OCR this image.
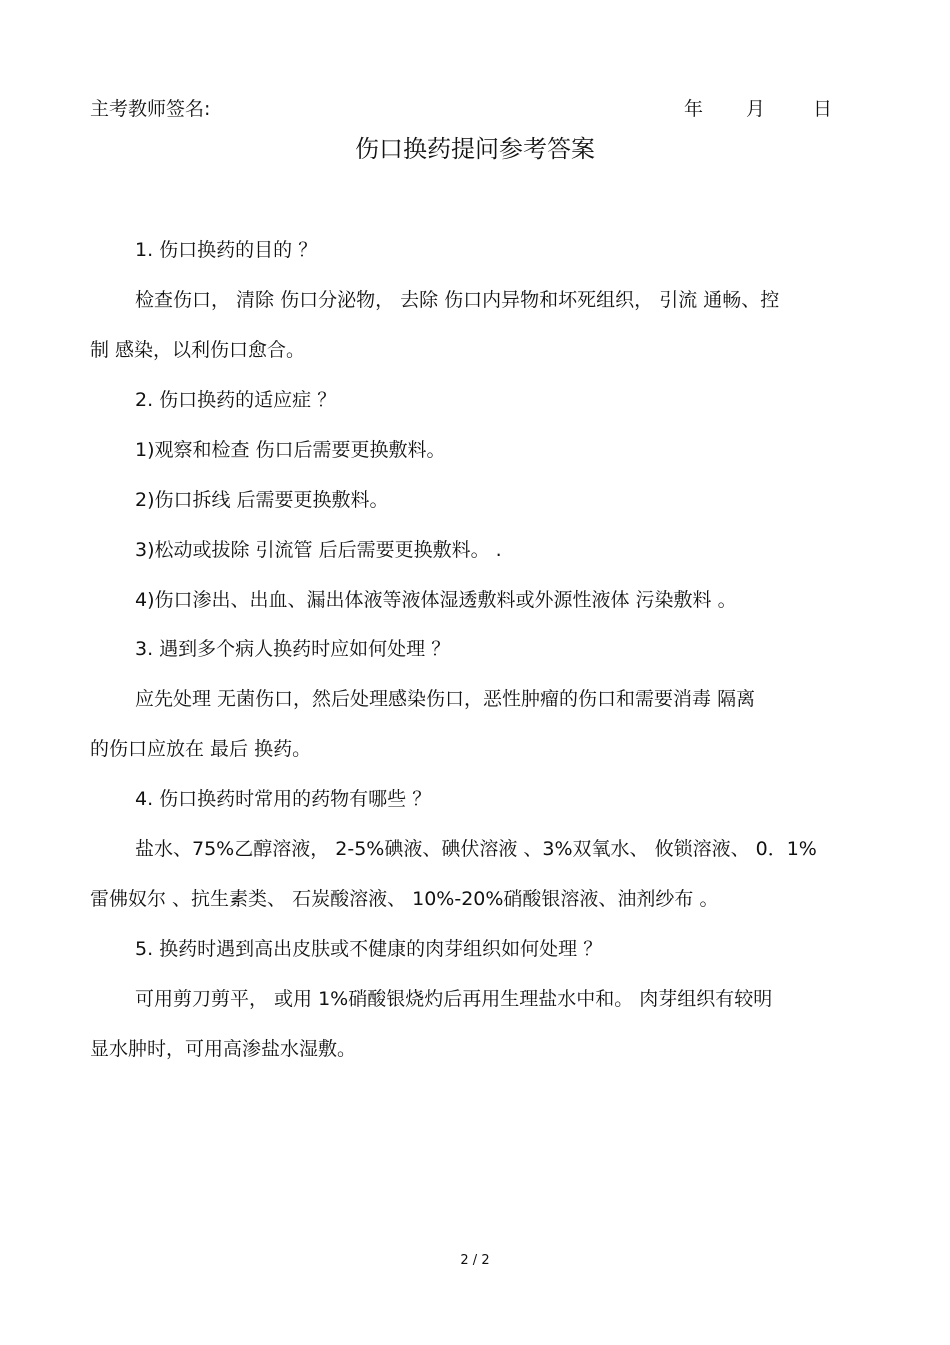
主考教师签名:	年 月	日
伤口换药提问参考答案
1. 伤口换药的目的 ？
检查伤口， 清除 伤口分泌物， 去除 伤口内异物和坏死组织， 引流 通畅、控
制 感染，以利伤口愈合。
2. 伤口换药的适应症 ？
1)观察和检查 伤口后需要更换敷料。
2)伤口拆线 后需要更换敷料。
3)松动或拔除 引流管 后后需要更换敷料。 .
4)伤口渗出、出血、漏出体液等液体湿透敷料或外源性液体 污染敷料 。
3. 遇到多个病人换药时应如何处理 ？
应先处理 无菌伤口，然后处理感染伤口，恶性肿瘤的伤口和需要消毒 隔离
的伤口应放在 最后 换药。
4. 伤口换药时常用的药物有哪些 ？
盐水、75%乙醇溶液， 2-5%碘液、碘伏溶液 、3%双氧水、 攸锁溶液、 0．1%
雷佛奴尔 、抗生素类、 石炭酸溶液、 10%-20%硝酸银溶液、油剂纱布 。
5. 换药时遇到高出皮肤或不健康的肉芽组织如何处理 ？
可用剪刀剪平， 或用 1%硝酸银烧灼后再用生理盐水中和。 肉芽组织有较明
显水肿时，可用高渗盐水湿敷。
2 / 2
